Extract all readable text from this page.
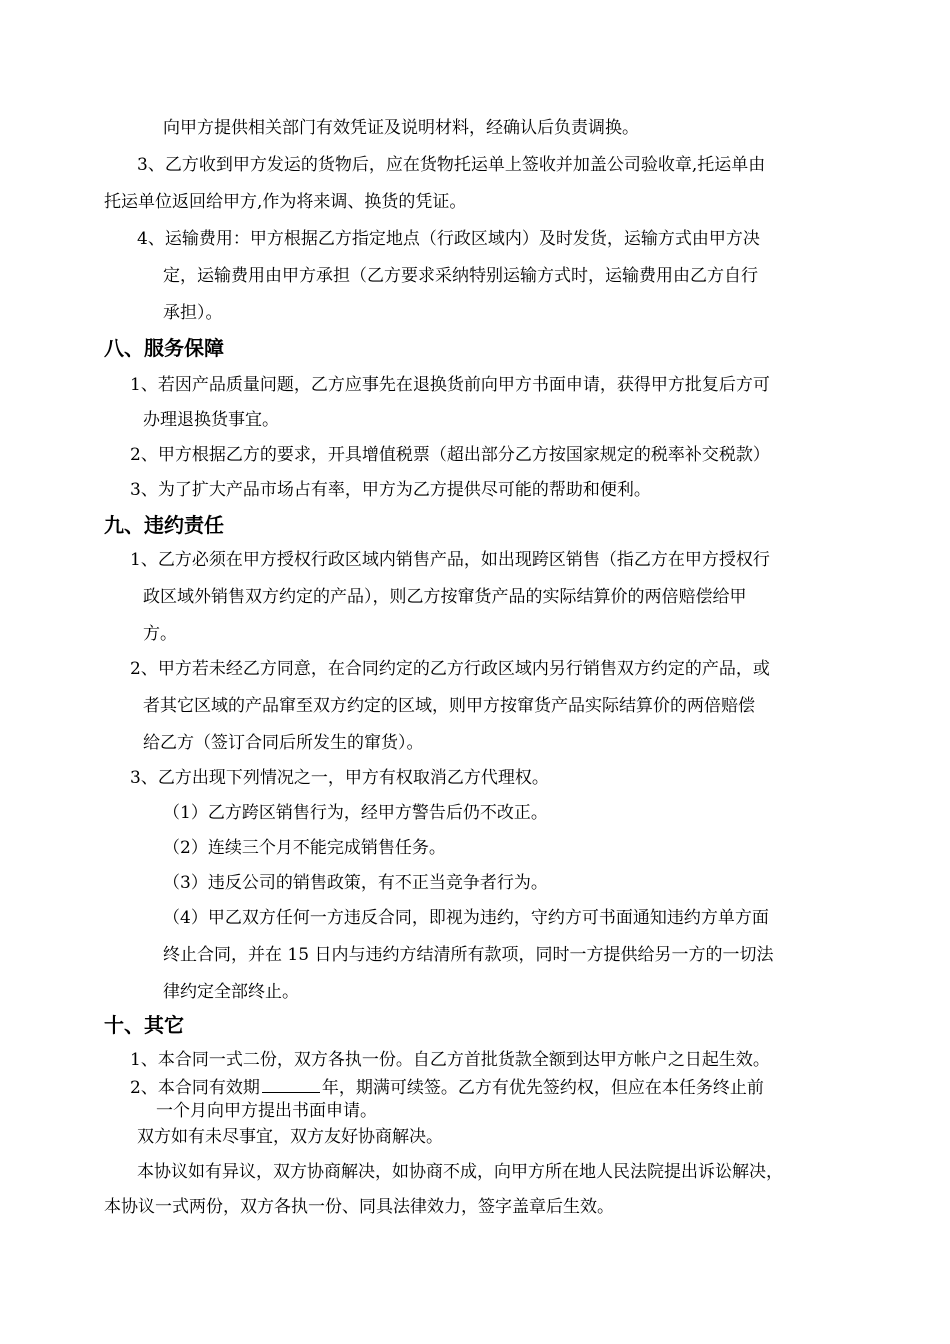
向甲方提供相关部门有效凭证及说明材料，经确认后负责调换。
3、乙方收到甲方发运的货物后，应在货物托运单上签收并加盖公司验收章,托运单由
托运单位返回给甲方,作为将来调、换货的凭证。
4、运输费用：甲方根据乙方指定地点（行政区域内）及时发货，运输方式由甲方决
定，运输费用由甲方承担（乙方要求采纳特别运输方式时，运输费用由乙方自行
承担）。
八、服务保障
1、若因产品质量问题，乙方应事先在退换货前向甲方书面申请，获得甲方批复后方可
办理退换货事宜。
2、甲方根据乙方的要求，开具增值税票（超出部分乙方按国家规定的税率补交税款）
3、为了扩大产品市场占有率，甲方为乙方提供尽可能的帮助和便利。
九、违约责任
1、乙方必须在甲方授权行政区域内销售产品，如出现跨区销售（指乙方在甲方授权行
政区域外销售双方约定的产品），则乙方按窜货产品的实际结算价的两倍赔偿给甲
方。
2、甲方若未经乙方同意，在合同约定的乙方行政区域内另行销售双方约定的产品，或
者其它区域的产品窜至双方约定的区域，则甲方按窜货产品实际结算价的两倍赔偿
给乙方（签订合同后所发生的窜货）。
3、乙方出现下列情况之一，甲方有权取消乙方代理权。
（1）乙方跨区销售行为，经甲方警告后仍不改正。
（2）连续三个月不能完成销售任务。
（3）违反公司的销售政策，有不正当竞争者行为。
（4）甲乙双方任何一方违反合同，即视为违约，守约方可书面通知违约方单方面
终止合同，并在 15 日内与违约方结清所有款项，同时一方提供给另一方的一切法
律约定全部终止。
十、其它
1、本合同一式二份，双方各执一份。自乙方首批货款全额到达甲方帐户之日起生效。
2、本合同有效期	年，期满可续签。乙方有优先签约权，但应在本任务终止前
一个月向甲方提出书面申请。
双方如有未尽事宜，双方友好协商解决。
本协议如有异议，双方协商解决，如协商不成，向甲方所在地人民法院提出诉讼解决，
本协议一式两份，双方各执一份、同具法律效力，签字盖章后生效。
